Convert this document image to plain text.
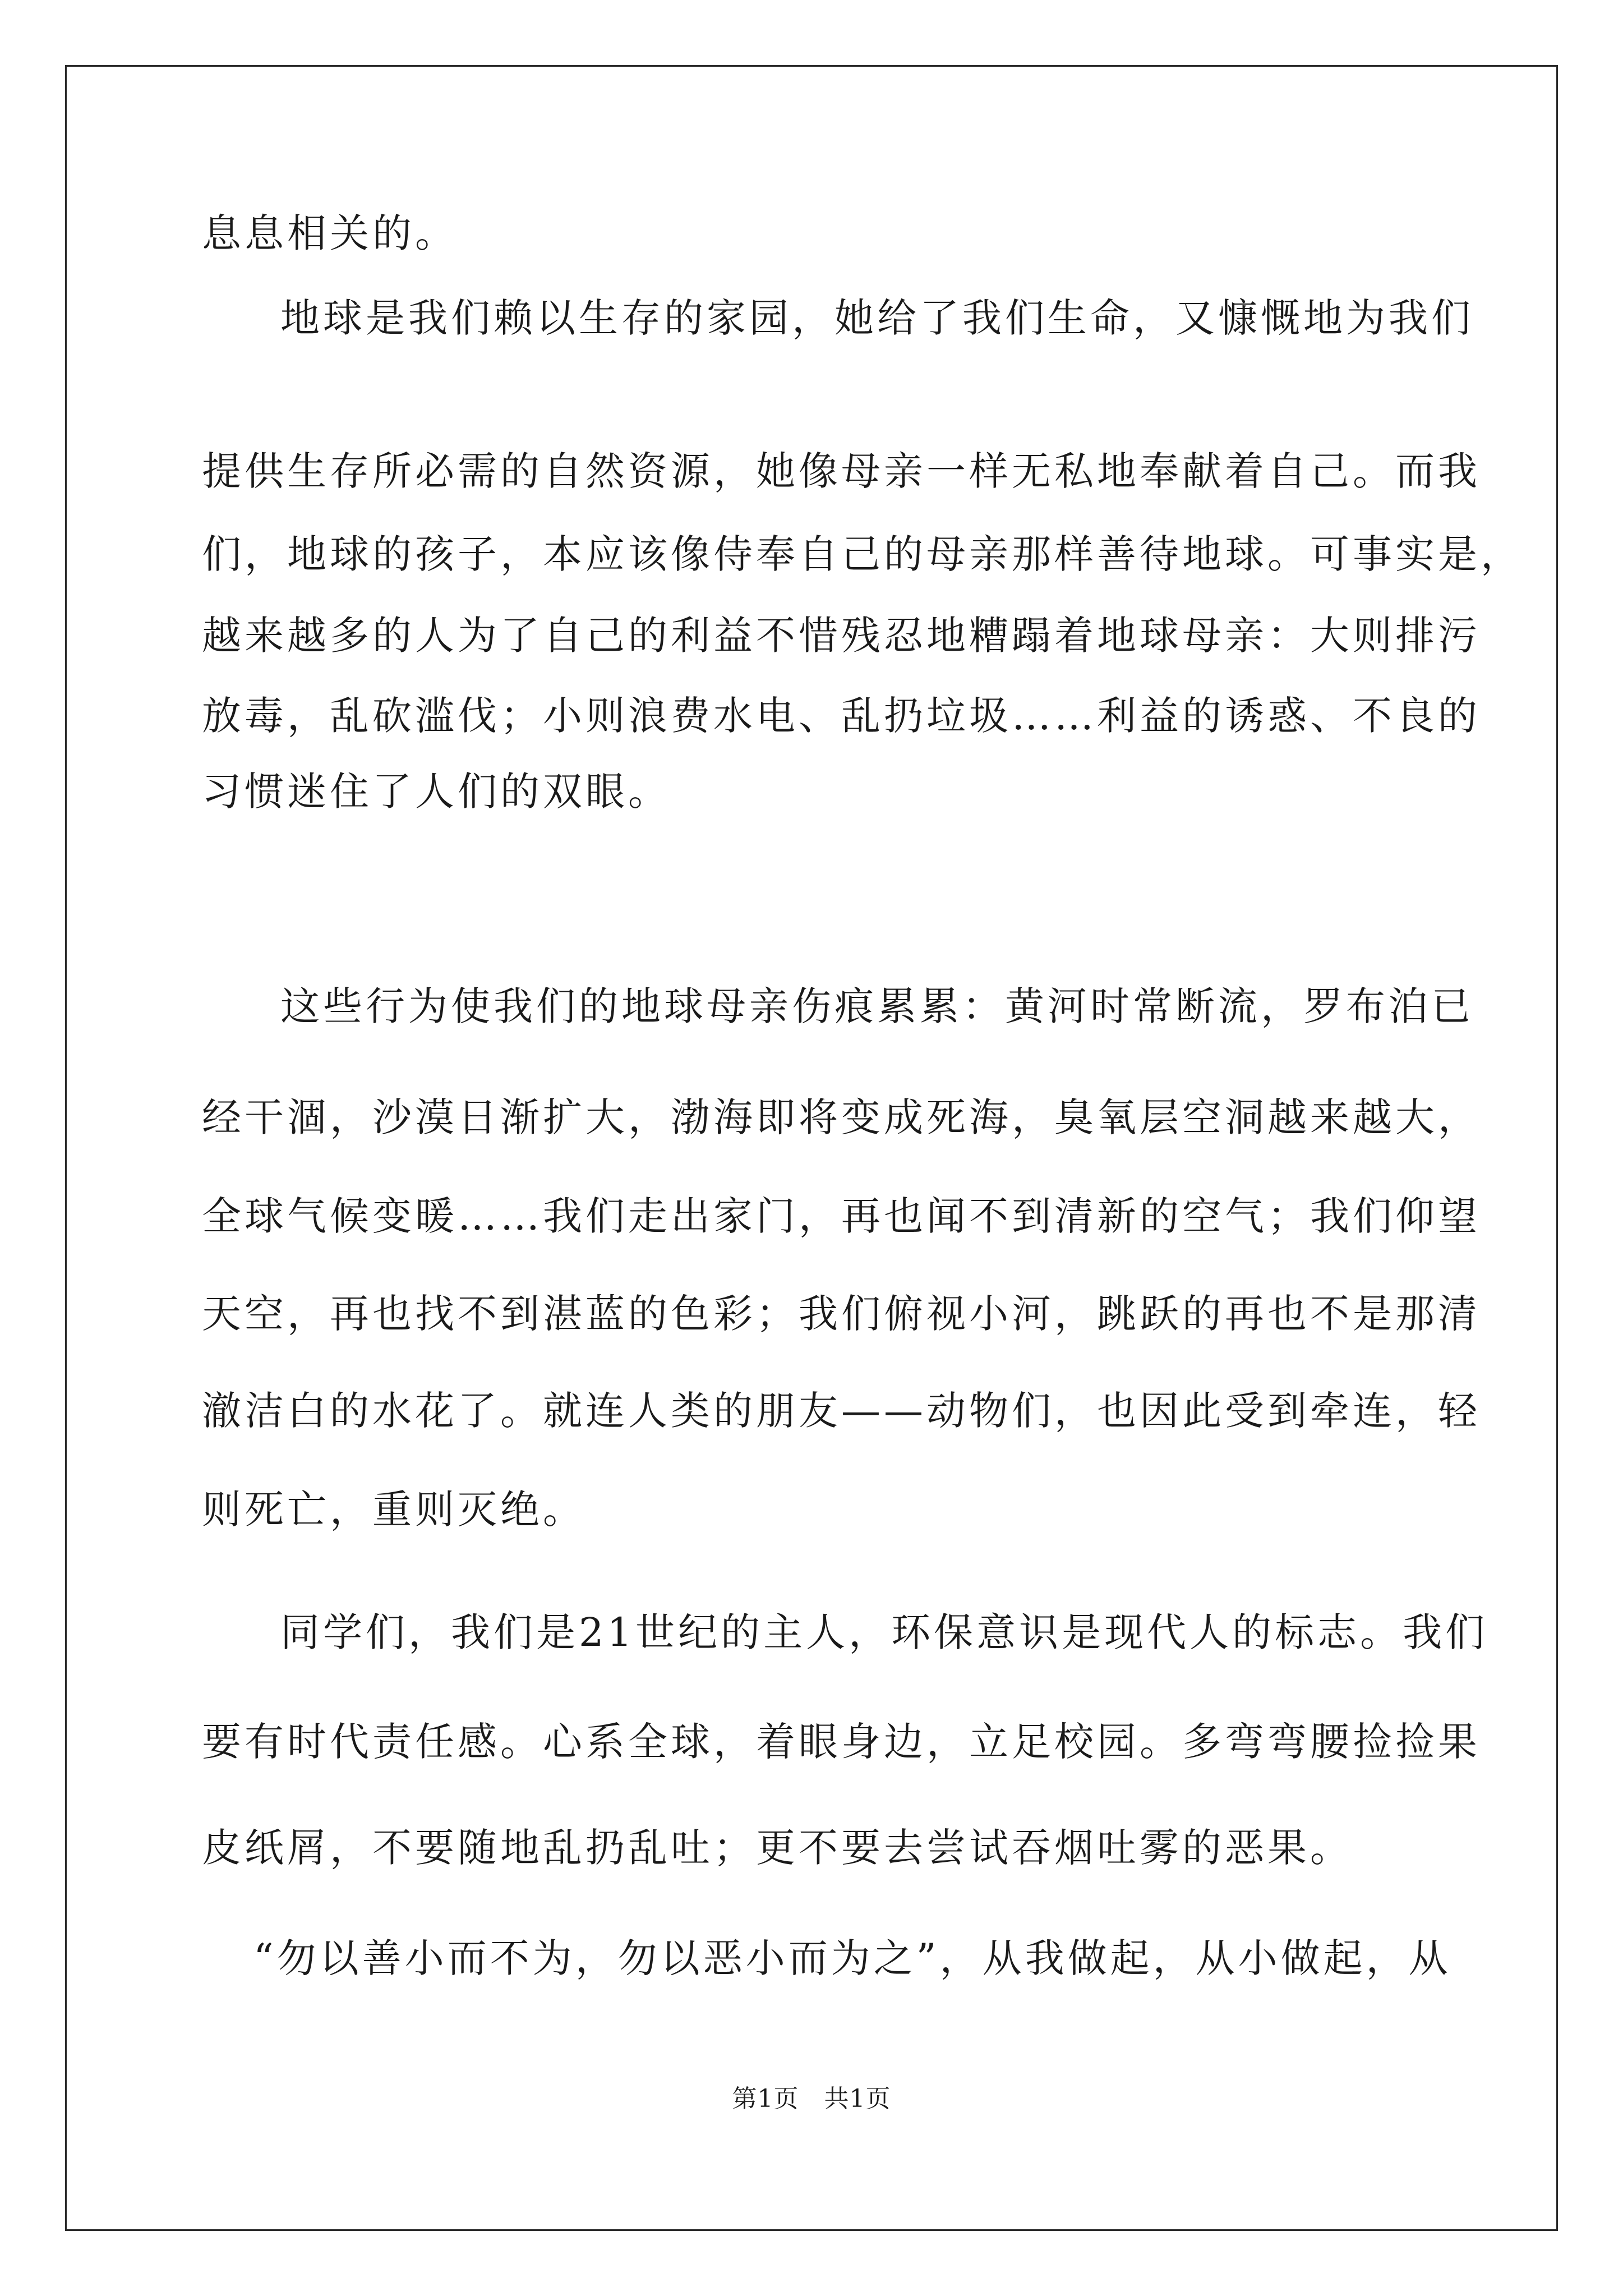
息息相关的。
地球是我们赖以生存的家园，她给了我们生命，又慷慨地为我们
提供生存所必需的自然资源，她像母亲一样无私地奉献着自己。而我
们，地球的孩子，本应该像侍奉自己的母亲那样善待地球。可事实是，
越来越多的人为了自己的利益不惜残忍地糟蹋着地球母亲：大则排污
放毒，乱砍滥伐；小则浪费水电、乱扔垃圾……利益的诱惑、不良的
习惯迷住了人们的双眼。
这些行为使我们的地球母亲伤痕累累：黄河时常断流，罗布泊已
经干涸，沙漠日渐扩大，渤海即将变成死海，臭氧层空洞越来越大，
全球气候变暖……我们走出家门，再也闻不到清新的空气；我们仰望
天空，再也找不到湛蓝的色彩；我们俯视小河，跳跃的再也不是那清
澈洁白的水花了。就连人类的朋友——动物们，也因此受到牵连，轻
则死亡，重则灭绝。
同学们，我们是21世纪的主人，环保意识是现代人的标志。我们
要有时代责任感。心系全球，着眼身边，立足校园。多弯弯腰捡捡果
皮纸屑，不要随地乱扔乱吐；更不要去尝试吞烟吐雾的恶果。
“勿以善小而不为，勿以恶小而为之”，从我做起，从小做起，从
第1页　共1页
